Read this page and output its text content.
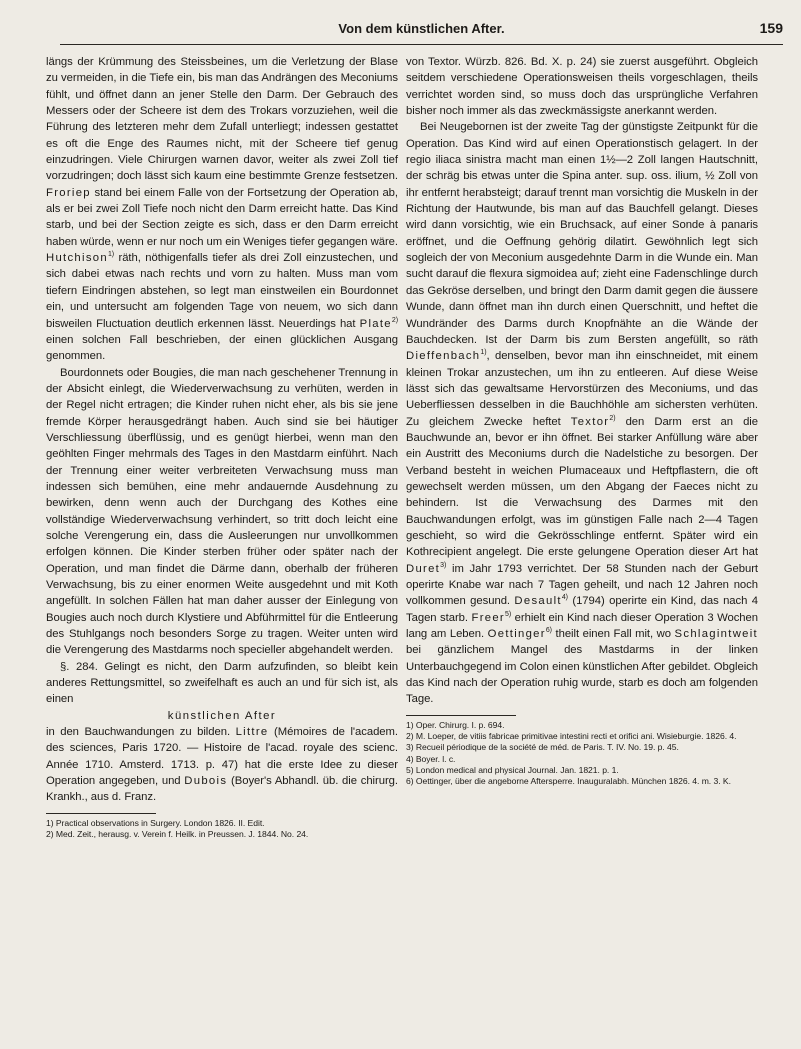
Von dem künstlichen After.	159

längs der Krümmung des Steissbeines, um die Verletzung der Blase zu vermeiden, in die Tiefe ein, bis man das Andrängen des Meconiums fühlt, und öffnet dann an jener Stelle den Darm. Der Gebrauch des Messers oder der Scheere ist dem des Trokars vorzuziehen, weil die Führung des letzteren mehr dem Zufall unterliegt; indessen gestattet es oft die Enge des Raumes nicht, mit der Scheere tief genug einzudringen. Viele Chirurgen warnen davor, weiter als zwei Zoll tief vorzudringen; doch lässt sich kaum eine bestimmte Grenze festsetzen. Froriep stand bei einem Falle von der Fortsetzung der Operation ab, als er bei zwei Zoll Tiefe noch nicht den Darm erreicht hatte. Das Kind starb, und bei der Section zeigte es sich, dass er den Darm erreicht haben würde, wenn er nur noch um ein Weniges tiefer gegangen wäre. Hutchison$^{1)}$ räth, nöthigenfalls tiefer als drei Zoll einzustechen, und sich dabei etwas nach rechts und vorn zu halten. Muss man vom tiefern Eindringen abstehen, so legt man einstweilen ein Bourdonnet ein, und untersucht am folgenden Tage von neuem, wo sich dann bisweilen Fluctuation deutlich erkennen lässt. Neuerdings hat Plate$^{2)}$ einen solchen Fall beschrieben, der einen glücklichen Ausgang genommen.

Bourdonnets oder Bougies, die man nach geschehener Trennung in der Absicht einlegt, die Wiederverwachsung zu verhüten, werden in der Regel nicht ertragen; die Kinder ruhen nicht eher, als bis sie jene fremde Körper herausgedrängt haben. Auch sind sie bei häutiger Verschliessung überflüssig, und es genügt hierbei, wenn man den geöhlten Finger mehrmals des Tages in den Mastdarm einführt. Nach der Trennung einer weiter verbreiteten Verwachsung muss man indessen sich bemühen, eine mehr andauernde Ausdehnung zu bewirken, denn wenn auch der Durchgang des Kothes eine vollständige Wiederverwachsung verhindert, so tritt doch leicht eine solche Verengerung ein, dass die Ausleerungen nur unvollkommen erfolgen können. Die Kinder sterben früher oder später nach der Operation, und man findet die Därme dann, oberhalb der früheren Verwachsung, bis zu einer enormen Weite ausgedehnt und mit Koth angefüllt. In solchen Fällen hat man daher ausser der Einlegung von Bougies auch noch durch Klystiere und Abführmittel für die Entleerung des Stuhlgangs noch besonders Sorge zu tragen. Weiter unten wird die Verengerung des Mastdarms noch specieller abgehandelt werden.

§. 284. Gelingt es nicht, den Darm aufzufinden, so bleibt kein anderes Rettungsmittel, so zweifelhaft es auch an und für sich ist, als einen

künstlichen After

in den Bauchwandungen zu bilden. Littre (Mémoires de l'academ. des sciences, Paris 1720. — Histoire de l'acad. royale des scienc. Année 1710. Amsterd. 1713. p. 47) hat die erste Idee zu dieser Operation angegeben, und Dubois (Boyer's Abhandl. üb. die chirurg. Krankh., aus d. Franz.

1) Practical observations in Surgery. London 1826. II. Edit.
2) Med. Zeit., herausg. v. Verein f. Heilk. in Preussen. J. 1844. No. 24.

von Textor. Würzb. 826. Bd. X. p. 24) sie zuerst ausgeführt. Obgleich seitdem verschiedene Operationsweisen theils vorgeschlagen, theils verrichtet worden sind, so muss doch das ursprüngliche Verfahren bisher noch immer als das zweckmässigste anerkannt werden.

Bei Neugebornen ist der zweite Tag der günstigste Zeitpunkt für die Operation. Das Kind wird auf einen Operationstisch gelagert. In der regio iliaca sinistra macht man einen 1½—2 Zoll langen Hautschnitt, der schräg bis etwas unter die Spina anter. sup. oss. ilium, ½ Zoll von ihr entfernt herabsteigt; darauf trennt man vorsichtig die Muskeln in der Richtung der Hautwunde, bis man auf das Bauchfell gelangt. Dieses wird dann vorsichtig, wie ein Bruchsack, auf einer Sonde à panaris eröffnet, und die Oeffnung gehörig dilatirt. Gewöhnlich legt sich sogleich der von Meconium ausgedehnte Darm in die Wunde ein. Man sucht darauf die flexura sigmoidea auf; zieht eine Fadenschlinge durch das Gekröse derselben, und bringt den Darm damit gegen die äussere Wunde, dann öffnet man ihn durch einen Querschnitt, und heftet die Wundränder des Darms durch Knopfnähte an die Wände der Bauchdecken. Ist der Darm bis zum Bersten angefüllt, so räth Dieffenbach$^{1)}$, denselben, bevor man ihn einschneidet, mit einem kleinen Trokar anzustechen, um ihn zu entleeren. Auf diese Weise lässt sich das gewaltsame Hervorstürzen des Meconiums, und das Ueberfliessen desselben in die Bauchhöhle am sichersten verhüten. Zu gleichem Zwecke heftet Textor$^{2)}$ den Darm erst an die Bauchwunde an, bevor er ihn öffnet. Bei starker Anfüllung wäre aber ein Austritt des Meconiums durch die Nadelstiche zu besorgen. Der Verband besteht in weichen Plumaceaux und Heftpflastern, die oft gewechselt werden müssen, um den Abgang der Faeces nicht zu behindern. Ist die Verwachsung des Darmes mit den Bauchwandungen erfolgt, was im günstigen Falle nach 2—4 Tagen geschieht, so wird die Gekrösschlinge entfernt. Später wird ein Kothrecipient angelegt. Die erste gelungene Operation dieser Art hat Duret$^{3)}$ im Jahr 1793 verrichtet. Der 58 Stunden nach der Geburt operirte Knabe war nach 7 Tagen geheilt, und nach 12 Jahren noch vollkommen gesund. Desault$^{4)}$ (1794) operirte ein Kind, das nach 4 Tagen starb. Freer$^{5)}$ erhielt ein Kind nach dieser Operation 3 Wochen lang am Leben. Oettinger$^{6)}$ theilt einen Fall mit, wo Schlagintweit bei gänzlichem Mangel des Mastdarms in der linken Unterbauchgegend im Colon einen künstlichen After gebildet. Obgleich das Kind nach der Operation ruhig wurde, starb es doch am folgenden Tage.

1) Oper. Chirurg. I. p. 694.
2) M. Loeper, de vitiis fabricae primitivae intestini recti et orifici ani. Wisieburgie. 1826. 4.
3) Recueil périodique de la société de méd. de Paris. T. IV. No. 19. p. 45.
4) Boyer. l. c.
5) London medical and physical Journal. Jan. 1821. p. 1.
6) Oettinger, über die angeborne Aftersperre. Inauguralabh. München 1826. 4. m. 3. K.
